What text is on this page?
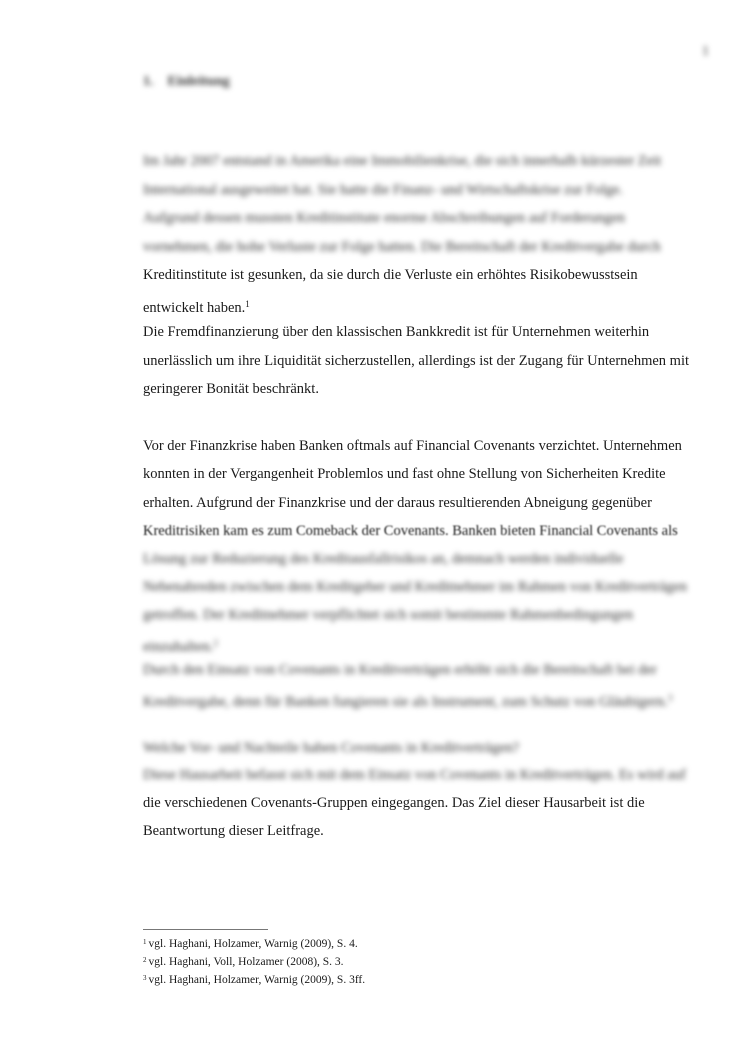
1
1. Einleitung
Im Jahr 2007 entstand in Amerika eine Immobilienkrise, die sich innerhalb kürzester Zeit
International ausgeweitet hat. Sie hatte die Finanz- und Wirtschaftskrise zur Folge.
Aufgrund dessen mussten Kreditinstitute enorme Abschreibungen auf Forderungen
vornehmen, die hohe Verluste zur Folge hatten. Die Bereitschaft der Kreditvergabe durch
Kreditinstitute ist gesunken, da sie durch die Verluste ein erhöhtes Risikobewusstsein
entwickelt haben.$^1$
Die Fremdfinanzierung über den klassischen Bankkredit ist für Unternehmen weiterhin
unerlässlich um ihre Liquidität sicherzustellen, allerdings ist der Zugang für Unternehmen mit
geringerer Bonität beschränkt.
Vor der Finanzkrise haben Banken oftmals auf Financial Covenants verzichtet. Unternehmen
konnten in der Vergangenheit Problemlos und fast ohne Stellung von Sicherheiten Kredite
erhalten. Aufgrund der Finanzkrise und der daraus resultierenden Abneigung gegenüber
Kreditrisiken kam es zum Comeback der Covenants. Banken bieten Financial Covenants als
Lösung zur Reduzierung des Kreditausfallrisikos an, demnach werden individuelle
Nebenabreden zwischen dem Kreditgeber und Kreditnehmer im Rahmen von Kreditverträgen
getroffen. Der Kreditnehmer verpflichtet sich somit bestimmte Rahmenbedingungen
einzuhalten.$^2$
Durch den Einsatz von Covenants in Kreditverträgen erhöht sich die Bereitschaft bei der
Kreditvergabe, denn für Banken fungieren sie als Instrument, zum Schutz von Gläubigern.$^3$
Welche Vor- und Nachteile haben Covenants in Kreditverträgen?
Diese Hausarbeit befasst sich mit dem Einsatz von Covenants in Kreditverträgen. Es wird auf
die verschiedenen Covenants-Gruppen eingegangen. Das Ziel dieser Hausarbeit ist die
Beantwortung dieser Leitfrage.
$^1$ vgl. Haghani, Holzamer, Warnig (2009), S. 4.
$^2$ vgl. Haghani, Voll, Holzamer (2008), S. 3.
$^3$ vgl. Haghani, Holzamer, Warnig (2009), S. 3ff.
